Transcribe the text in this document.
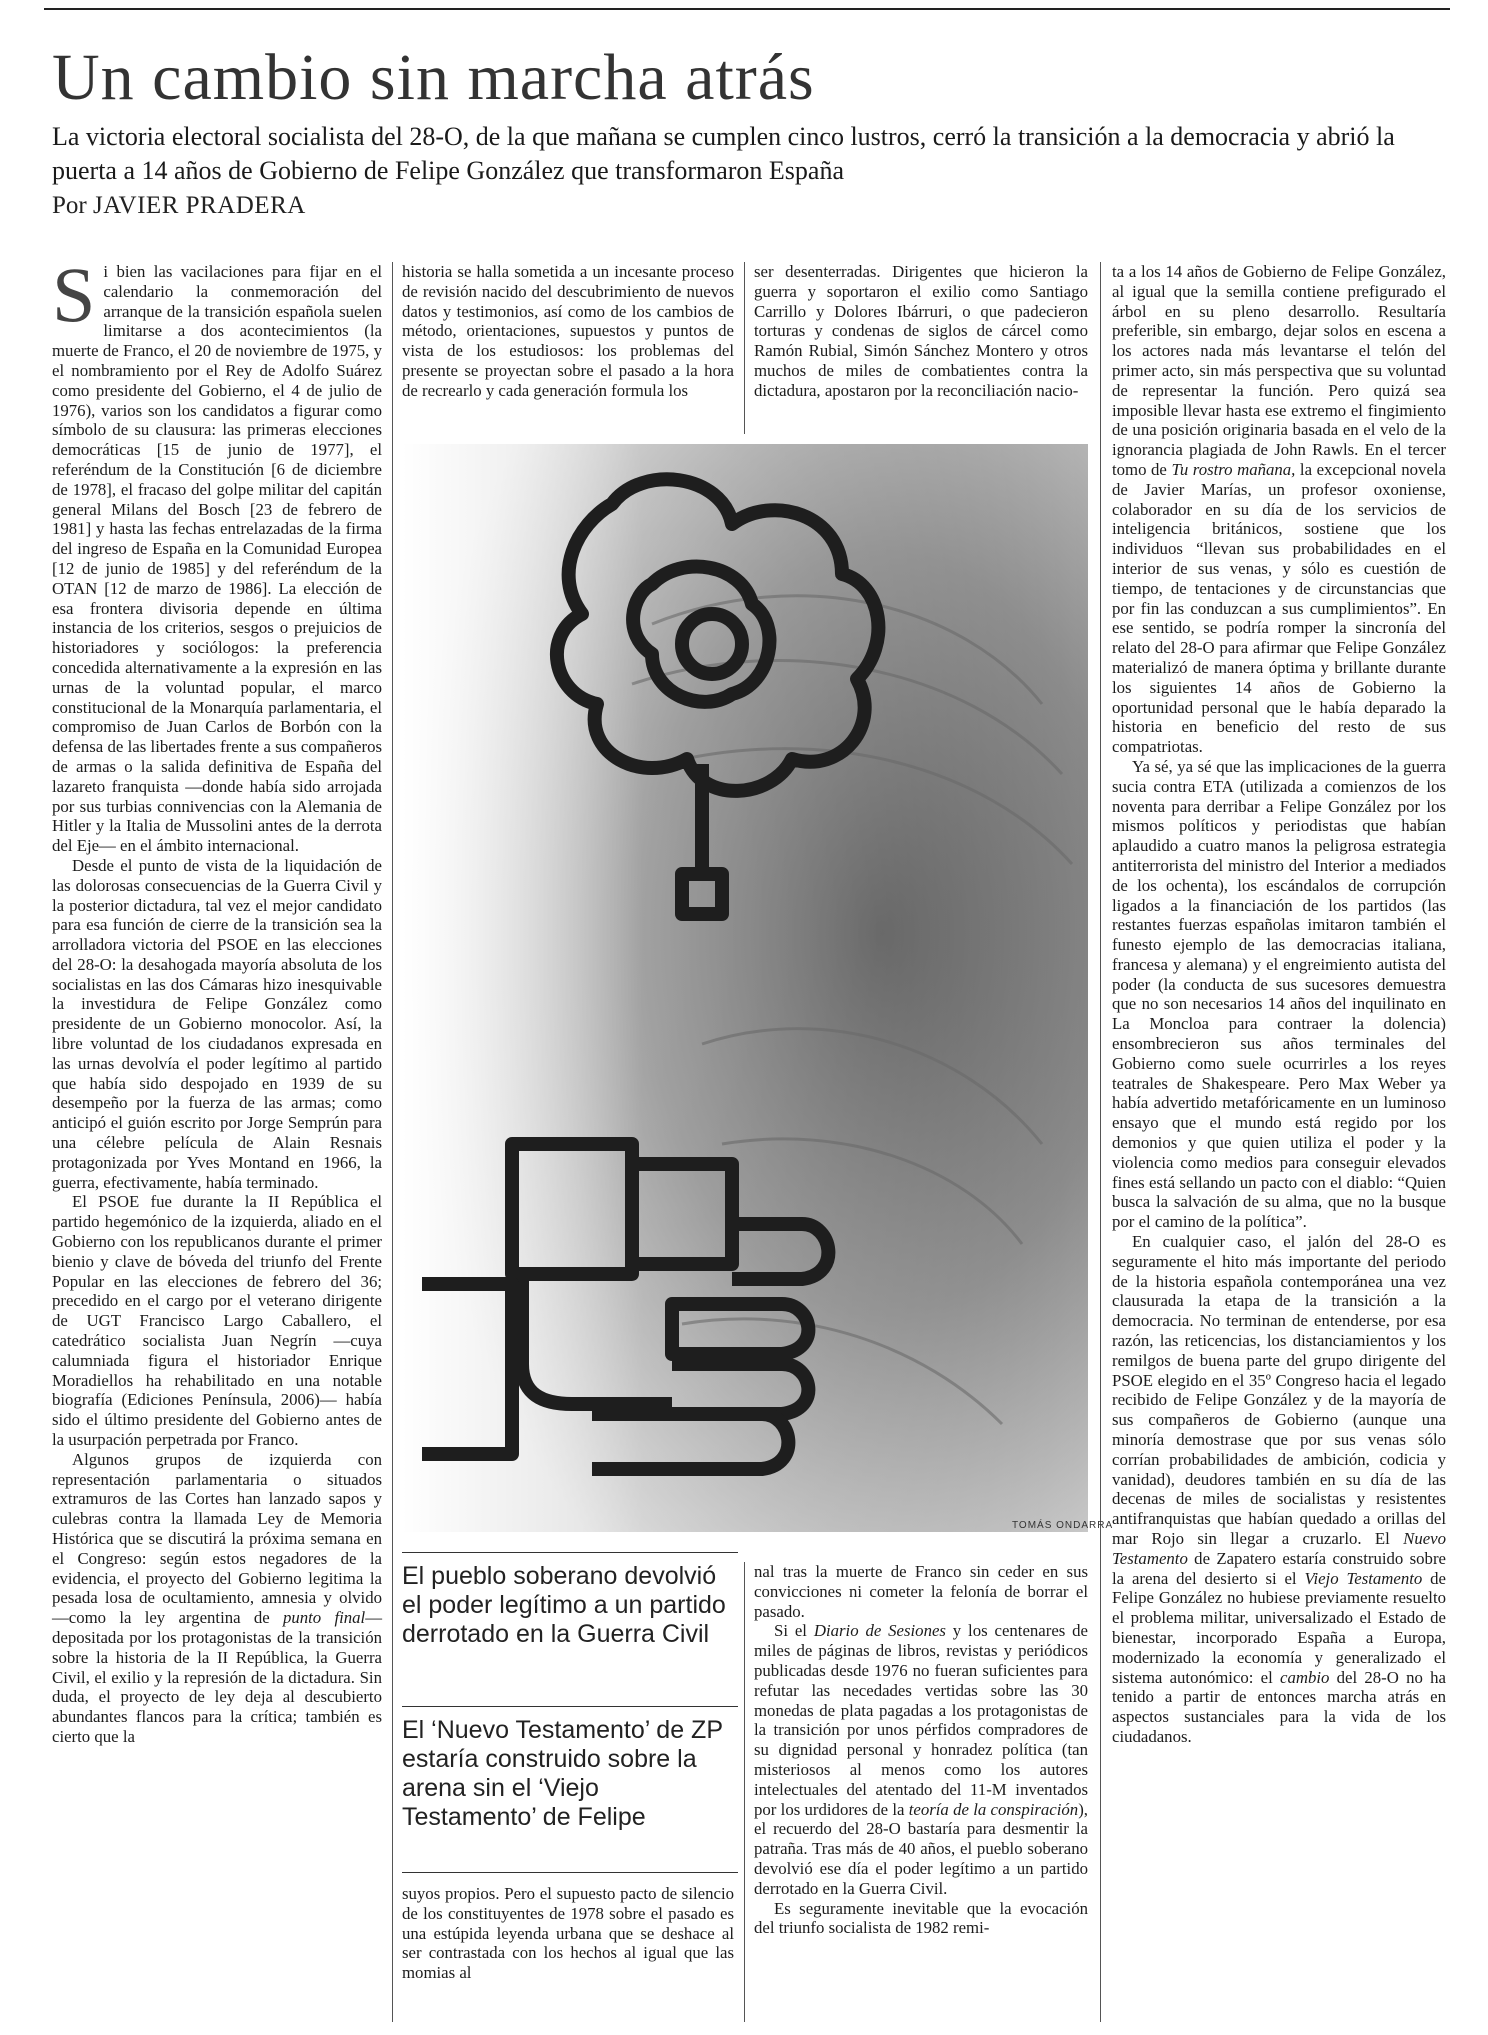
Un cambio sin marcha atrás

La victoria electoral socialista del 28-O, de la que mañana se cumplen cinco lustros, cerró la transición a la democracia y abrió la puerta a 14 años de Gobierno de Felipe González que transformaron España

Por JAVIER PRADERA

Si bien las vacilaciones para fijar en el calendario la conmemoración del arranque de la transición española suelen limitarse a dos acontecimientos (la muerte de Franco, el 20 de noviembre de 1975, y el nombramiento por el Rey de Adolfo Suárez como presidente del Gobierno, el 4 de julio de 1976), varios son los candidatos a figurar como símbolo de su clausura: las primeras elecciones democráticas [15 de junio de 1977], el referéndum de la Constitución [6 de diciembre de 1978], el fracaso del golpe militar del capitán general Milans del Bosch [23 de febrero de 1981] y hasta las fechas entrelazadas de la firma del ingreso de España en la Comunidad Europea [12 de junio de 1985] y del referéndum de la OTAN [12 de marzo de 1986]. La elección de esa frontera divisoria depende en última instancia de los criterios, sesgos o prejuicios de historiadores y sociólogos: la preferencia concedida alternativamente a la expresión en las urnas de la voluntad popular, el marco constitucional de la Monarquía parlamentaria, el compromiso de Juan Carlos de Borbón con la defensa de las libertades frente a sus compañeros de armas o la salida definitiva de España del lazareto franquista —donde había sido arrojada por sus turbias connivencias con la Alemania de Hitler y la Italia de Mussolini antes de la derrota del Eje— en el ámbito internacional.

Desde el punto de vista de la liquidación de las dolorosas consecuencias de la Guerra Civil y la posterior dictadura, tal vez el mejor candidato para esa función de cierre de la transición sea la arrolladora victoria del PSOE en las elecciones del 28-O: la desahogada mayoría absoluta de los socialistas en las dos Cámaras hizo inesquivable la investidura de Felipe González como presidente de un Gobierno monocolor. Así, la libre voluntad de los ciudadanos expresada en las urnas devolvía el poder legítimo al partido que había sido despojado en 1939 de su desempeño por la fuerza de las armas; como anticipó el guión escrito por Jorge Semprún para una célebre película de Alain Resnais protagonizada por Yves Montand en 1966, la guerra, efectivamente, había terminado.

El PSOE fue durante la II República el partido hegemónico de la izquierda, aliado en el Gobierno con los republicanos durante el primer bienio y clave de bóveda del triunfo del Frente Popular en las elecciones de febrero del 36; precedido en el cargo por el veterano dirigente de UGT Francisco Largo Caballero, el catedrático socialista Juan Negrín —cuya calumniada figura el historiador Enrique Moradiellos ha rehabilitado en una notable biografía (Ediciones Península, 2006)— había sido el último presidente del Gobierno antes de la usurpación perpetrada por Franco.

Algunos grupos de izquierda con representación parlamentaria o situados extramuros de las Cortes han lanzado sapos y culebras contra la llamada Ley de Memoria Histórica que se discutirá la próxima semana en el Congreso: según estos negadores de la evidencia, el proyecto del Gobierno legitima la pesada losa de ocultamiento, amnesia y olvido —como la ley argentina de punto final— depositada por los protagonistas de la transición sobre la historia de la II República, la Guerra Civil, el exilio y la represión de la dictadura. Sin duda, el proyecto de ley deja al descubierto abundantes flancos para la crítica; también es cierto que la

historia se halla sometida a un incesante proceso de revisión nacido del descubrimiento de nuevos datos y testimonios, así como de los cambios de método, orientaciones, supuestos y puntos de vista de los estudiosos: los problemas del presente se proyectan sobre el pasado a la hora de recrearlo y cada generación formula los

ser desenterradas. Dirigentes que hicieron la guerra y soportaron el exilio como Santiago Carrillo y Dolores Ibárruri, o que padecieron torturas y condenas de siglos de cárcel como Ramón Rubial, Simón Sánchez Montero y otros muchos de miles de combatientes contra la dictadura, apostaron por la reconciliación nacio-

TOMÁS ONDARRA

El pueblo soberano devolvió el poder legítimo a un partido derrotado en la Guerra Civil

El ‘Nuevo Testamento’ de ZP estaría construido sobre la arena sin el ‘Viejo Testamento’ de Felipe

suyos propios. Pero el supuesto pacto de silencio de los constituyentes de 1978 sobre el pasado es una estúpida leyenda urbana que se deshace al ser contrastada con los hechos al igual que las momias al

nal tras la muerte de Franco sin ceder en sus convicciones ni cometer la felonía de borrar el pasado.

Si el Diario de Sesiones y los centenares de miles de páginas de libros, revistas y periódicos publicadas desde 1976 no fueran suficientes para refutar las necedades vertidas sobre las 30 monedas de plata pagadas a los protagonistas de la transición por unos pérfidos compradores de su dignidad personal y honradez política (tan misteriosos al menos como los autores intelectuales del atentado del 11-M inventados por los urdidores de la teoría de la conspiración), el recuerdo del 28-O bastaría para desmentir la patraña. Tras más de 40 años, el pueblo soberano devolvió ese día el poder legítimo a un partido derrotado en la Guerra Civil.

Es seguramente inevitable que la evocación del triunfo socialista de 1982 remi-

ta a los 14 años de Gobierno de Felipe González, al igual que la semilla contiene prefigurado el árbol en su pleno desarrollo. Resultaría preferible, sin embargo, dejar solos en escena a los actores nada más levantarse el telón del primer acto, sin más perspectiva que su voluntad de representar la función. Pero quizá sea imposible llevar hasta ese extremo el fingimiento de una posición originaria basada en el velo de la ignorancia plagiada de John Rawls. En el tercer tomo de Tu rostro mañana, la excepcional novela de Javier Marías, un profesor oxoniense, colaborador en su día de los servicios de inteligencia británicos, sostiene que los individuos “llevan sus probabilidades en el interior de sus venas, y sólo es cuestión de tiempo, de tentaciones y de circunstancias que por fin las conduzcan a sus cumplimientos”. En ese sentido, se podría romper la sincronía del relato del 28-O para afirmar que Felipe González materializó de manera óptima y brillante durante los siguientes 14 años de Gobierno la oportunidad personal que le había deparado la historia en beneficio del resto de sus compatriotas.

Ya sé, ya sé que las implicaciones de la guerra sucia contra ETA (utilizada a comienzos de los noventa para derribar a Felipe González por los mismos políticos y periodistas que habían aplaudido a cuatro manos la peligrosa estrategia antiterrorista del ministro del Interior a mediados de los ochenta), los escándalos de corrupción ligados a la financiación de los partidos (las restantes fuerzas españolas imitaron también el funesto ejemplo de las democracias italiana, francesa y alemana) y el engreimiento autista del poder (la conducta de sus sucesores demuestra que no son necesarios 14 años del inquilinato en La Moncloa para contraer la dolencia) ensombrecieron sus años terminales del Gobierno como suele ocurrirles a los reyes teatrales de Shakespeare. Pero Max Weber ya había advertido metafóricamente en un luminoso ensayo que el mundo está regido por los demonios y que quien utiliza el poder y la violencia como medios para conseguir elevados fines está sellando un pacto con el diablo: “Quien busca la salvación de su alma, que no la busque por el camino de la política”.

En cualquier caso, el jalón del 28-O es seguramente el hito más importante del periodo de la historia española contemporánea una vez clausurada la etapa de la transición a la democracia. No terminan de entenderse, por esa razón, las reticencias, los distanciamientos y los remilgos de buena parte del grupo dirigente del PSOE elegido en el 35º Congreso hacia el legado recibido de Felipe González y de la mayoría de sus compañeros de Gobierno (aunque una minoría demostrase que por sus venas sólo corrían probabilidades de ambición, codicia y vanidad), deudores también en su día de las decenas de miles de socialistas y resistentes antifranquistas que habían quedado a orillas del mar Rojo sin llegar a cruzarlo. El Nuevo Testamento de Zapatero estaría construido sobre la arena del desierto si el Viejo Testamento de Felipe González no hubiese previamente resuelto el problema militar, universalizado el Estado de bienestar, incorporado España a Europa, modernizado la economía y generalizado el sistema autonómico: el cambio del 28-O no ha tenido a partir de entonces marcha atrás en aspectos sustanciales para la vida de los ciudadanos.
